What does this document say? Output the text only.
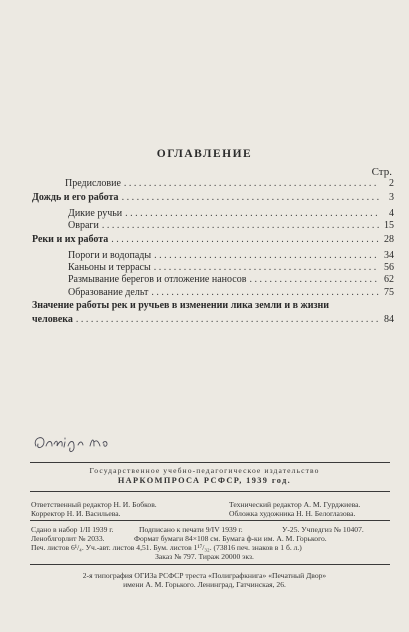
ОГЛАВЛЕНИЕ
Стр.
Предисловие . . .	2
Дождь и его работа . . .	3
Дикие ручьи . . .	4
Овраги . . .	15
Реки и их работа . . .	28
Пороги и водопады . . .	34
Каньоны и террасы . . .	56
Размывание берегов и отложение наносов . . .	62
Образование дельт . . .	75
Значение работы рек и ручьев в изменении лика земли и в жизни
человека . . .	84
Государственное учебно-педагогическое издательство
НАРКОМПРОСА РСФСР, 1939 год.
Ответственный редактор Н. И. Бобков.	Технический редактор А. М. Гурджиева.
Корректор Н. И. Васильева.	Обложка художника Н. Н. Белоглазова.
Сдано в набор 1/II 1939 г.	Подписано к печати 9/IV 1939 г.	У-25. Учпедгиз № 10407.
Леноблгорлит № 2033.	Формат бумаги 84×108 см. Бумага ф-ки им. А. М. Горького.
Печ. листов 6¹/₄. Уч.-авт. листов 4,51. Бум. листов 1¹⁷/₃₂. (73816 печ. знаков в 1 б. л.)
Заказ № 797. Тираж 20000 экз.
2-я типография ОГИЗа РСФСР треста «Полиграфкнига» «Печатный Двор»
имени А. М. Горького. Ленинград, Гатчинская, 26.
